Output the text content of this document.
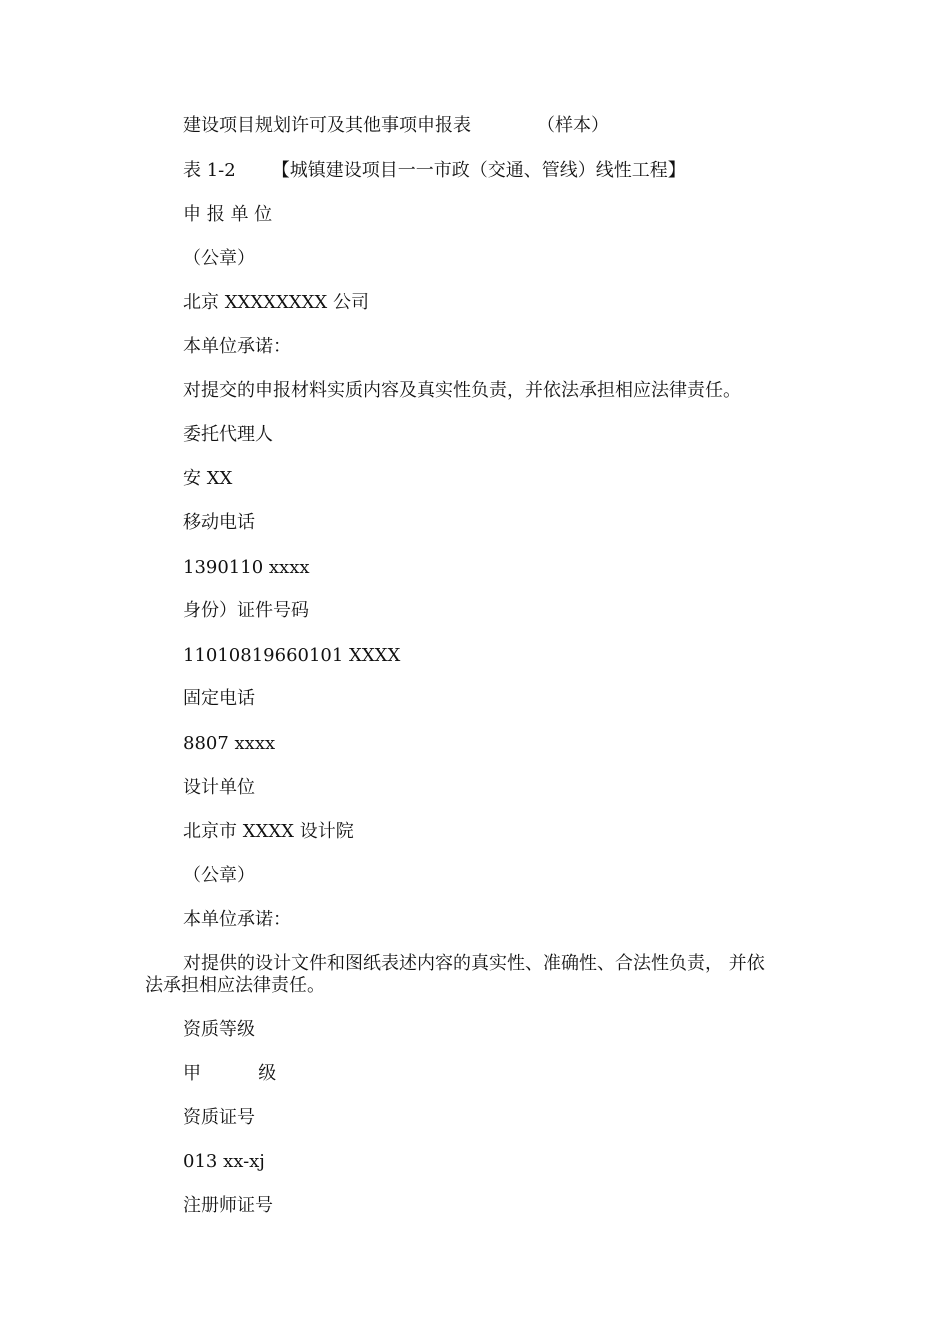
建设项目规划许可及其他事项申报表	（样本）
表 1-2 【城镇建设项目一一市政（交通、管线）线性工程】
申 报 单 位
（公章）
北京 XXXXXXXX 公司
本单位承诺：
对提交的申报材料实质内容及真实性负责，并依法承担相应法律责任。
委托代理人
安 XX
移动电话
1390110 xxxx
身份）证件号码
11010819660101 XXXX
固定电话
8807 xxxx
设计单位
北京市 XXXX 设计院
（公章）
本单位承诺：
对提供的设计文件和图纸表述内容的真实性、准确性、合法性负责， 并依
法承担相应法律责任。
资质等级
甲          级
资质证号
013 xx-xj
注册师证号
